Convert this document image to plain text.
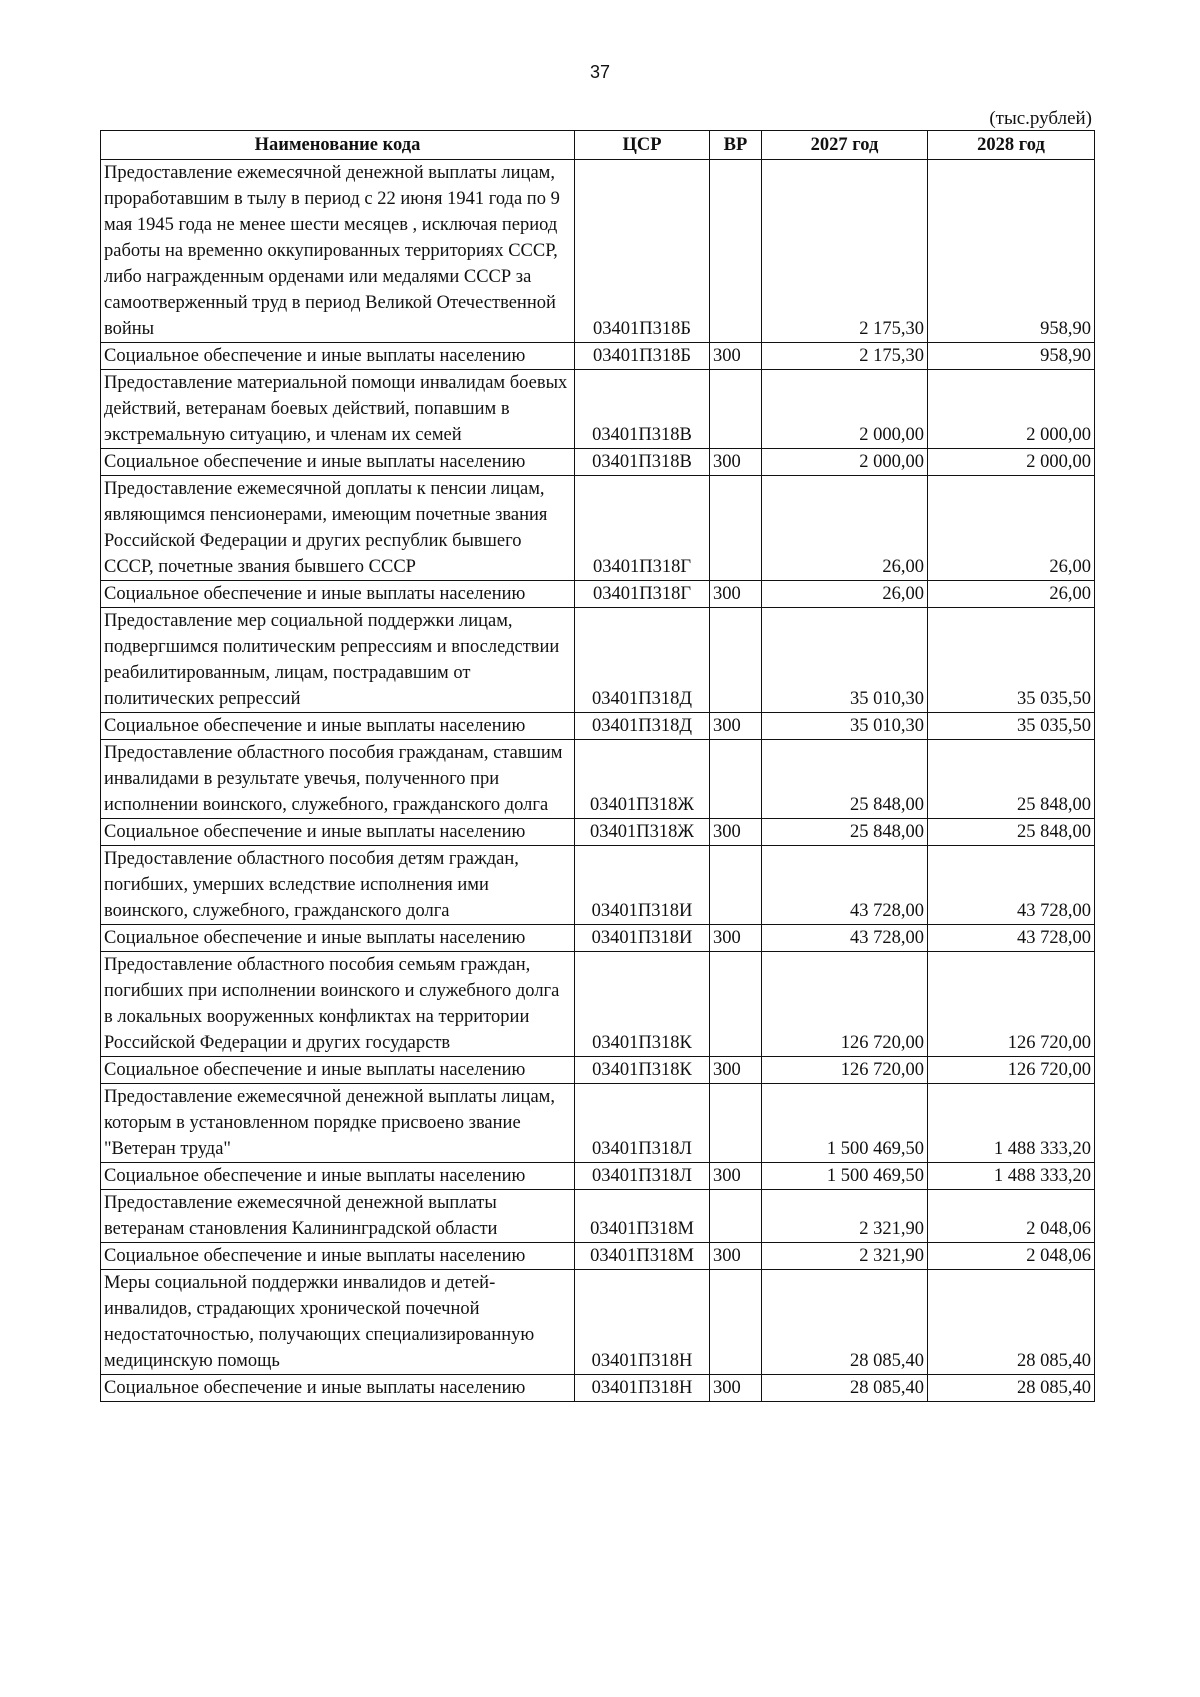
37
(тыс.рублей)
Наименование кода	ЦСР	ВР	2027 год	2028 год
Предоставление ежемесячной денежной выплаты лицам, проработавшим в тылу в период с 22 июня 1941 года по 9 мая 1945 года не менее шести месяцев , исключая период работы на временно оккупированных территориях СССР, либо награжденным орденами или медалями СССР за самоотверженный труд в период Великой Отечественной войны	03401П318Б		2 175,30	958,90
Социальное обеспечение и иные выплаты населению	03401П318Б	300	2 175,30	958,90
Предоставление материальной помощи инвалидам боевых действий, ветеранам боевых действий, попавшим в экстремальную ситуацию, и членам их семей	03401П318В		2 000,00	2 000,00
Социальное обеспечение и иные выплаты населению	03401П318В	300	2 000,00	2 000,00
Предоставление ежемесячной доплаты к пенсии лицам, являющимся пенсионерами, имеющим почетные звания Российской Федерации и других республик бывшего СССР, почетные звания бывшего СССР	03401П318Г		26,00	26,00
Социальное обеспечение и иные выплаты населению	03401П318Г	300	26,00	26,00
Предоставление мер социальной поддержки лицам, подвергшимся политическим репрессиям и впоследствии реабилитированным, лицам, пострадавшим от политических репрессий	03401П318Д		35 010,30	35 035,50
Социальное обеспечение и иные выплаты населению	03401П318Д	300	35 010,30	35 035,50
Предоставление областного пособия гражданам, ставшим инвалидами в результате увечья, полученного при исполнении воинского, служебного, гражданского долга	03401П318Ж		25 848,00	25 848,00
Социальное обеспечение и иные выплаты населению	03401П318Ж	300	25 848,00	25 848,00
Предоставление областного пособия детям граждан, погибших, умерших вследствие исполнения ими воинского, служебного, гражданского долга	03401П318И		43 728,00	43 728,00
Социальное обеспечение и иные выплаты населению	03401П318И	300	43 728,00	43 728,00
Предоставление областного пособия семьям граждан, погибших при исполнении воинского и служебного долга в локальных вооруженных конфликтах на территории Российской Федерации и других государств	03401П318К		126 720,00	126 720,00
Социальное обеспечение и иные выплаты населению	03401П318К	300	126 720,00	126 720,00
Предоставление ежемесячной денежной выплаты лицам, которым в установленном порядке присвоено звание "Ветеран труда"	03401П318Л		1 500 469,50	1 488 333,20
Социальное обеспечение и иные выплаты населению	03401П318Л	300	1 500 469,50	1 488 333,20
Предоставление ежемесячной денежной выплаты ветеранам становления Калининградской области	03401П318М		2 321,90	2 048,06
Социальное обеспечение и иные выплаты населению	03401П318М	300	2 321,90	2 048,06
Меры социальной поддержки инвалидов и детей-инвалидов, страдающих хронической почечной недостаточностью, получающих специализированную медицинскую помощь	03401П318Н		28 085,40	28 085,40
Социальное обеспечение и иные выплаты населению	03401П318Н	300	28 085,40	28 085,40
